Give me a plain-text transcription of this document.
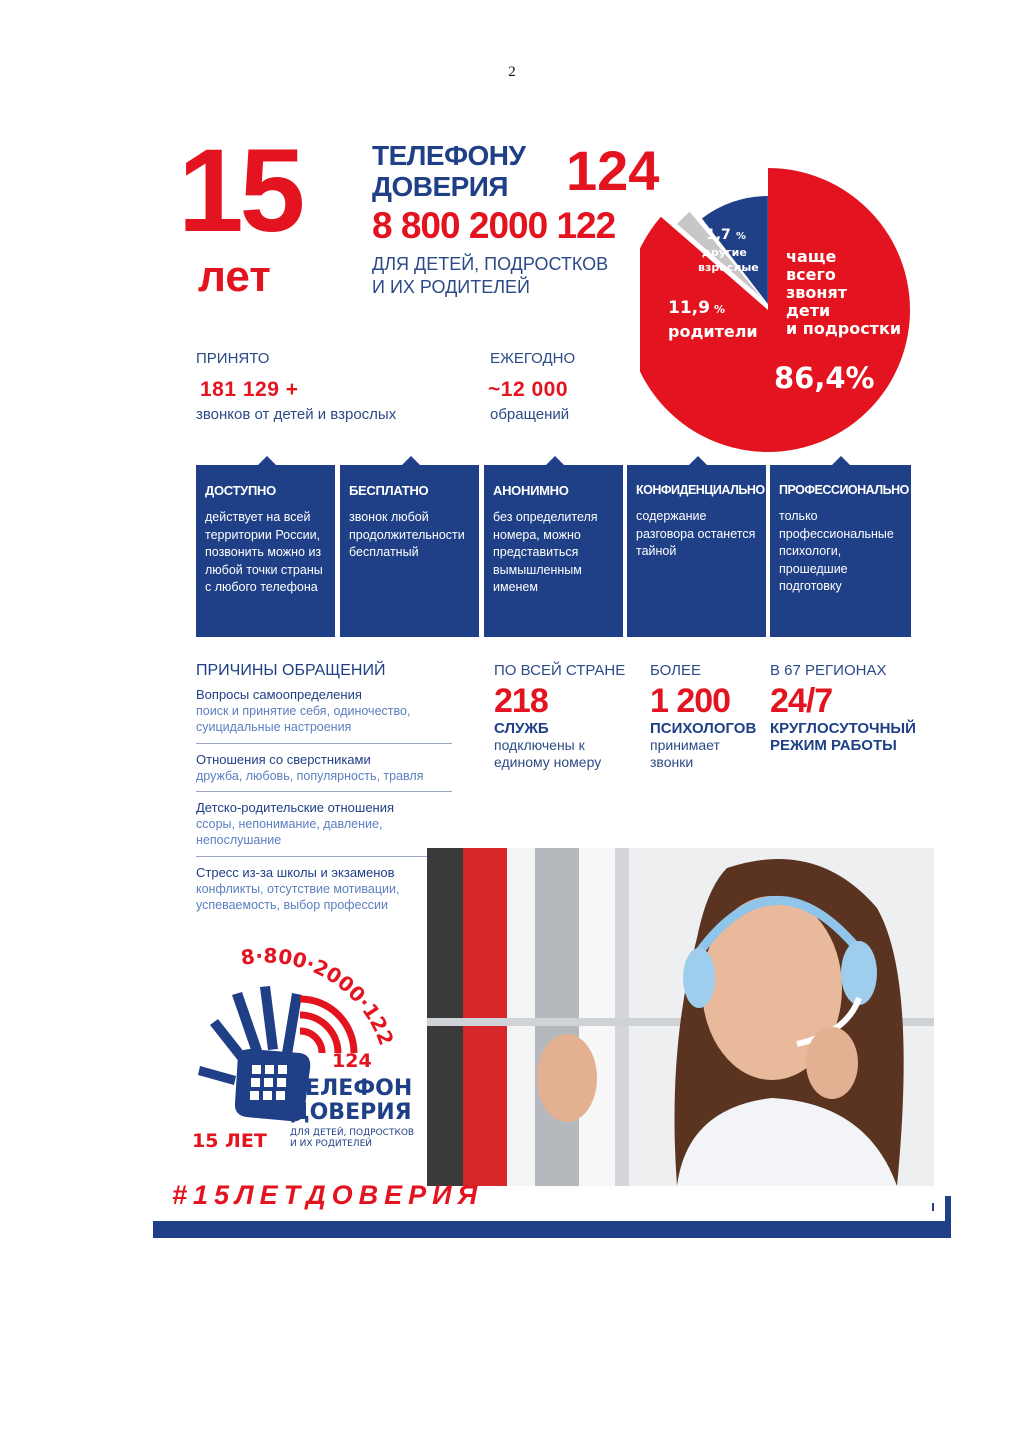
2
15
лет
ТЕЛЕФОНУ
ДОВЕРИЯ 124
8 800 2000 122
ДЛЯ ДЕТЕЙ, ПОДРОСТКОВ
И ИХ РОДИТЕЛЕЙ
чаще
всего
звонят
дети
и подростки
86,4%
11,9 %
родители
1,7 %
другие
взрослые
ПРИНЯТО
181 129 +
звонков от детей и взрослых
ЕЖЕГОДНО
~12 000
обращений
ДОСТУПНО
действует на всей территории России, позвонить можно из любой точки страны с любого телефона
БЕСПЛАТНО
звонок любой продолжительности бесплатный
АНОНИМНО
без определителя номера, можно представиться вымышленным именем
КОНФИДЕНЦИАЛЬНО
содержание разговора останется тайной
ПРОФЕССИОНАЛЬНО
только профессиональные психологи, прошедшие подготовку
ПРИЧИНЫ ОБРАЩЕНИЙ
Вопросы самоопределения
поиск и принятие себя, одиночество, суицидальные настроения
Отношения со сверстниками
дружба, любовь, популярность, травля
Детско-родительские отношения
ссоры, непонимание, давление, непослушание
Стресс из-за школы и экзаменов
конфликты, отсутствие мотивации, успеваемость, выбор профессии
ПО ВСЕЙ СТРАНЕ
218
СЛУЖБ
подключены к единому номеру
БОЛЕЕ
1 200
ПСИХОЛОГОВ
принимает звонки
В 67 РЕГИОНАХ
24/7
КРУГЛОСУТОЧНЫЙ РЕЖИМ РАБОТЫ
8·800·2000·122
124
ТЕЛЕФОН
ДОВЕРИЯ
ДЛЯ ДЕТЕЙ, ПОДРОСТКОВ
И ИХ РОДИТЕЛЕЙ
15 ЛЕТ
#15ЛЕТДОВЕРИЯ
